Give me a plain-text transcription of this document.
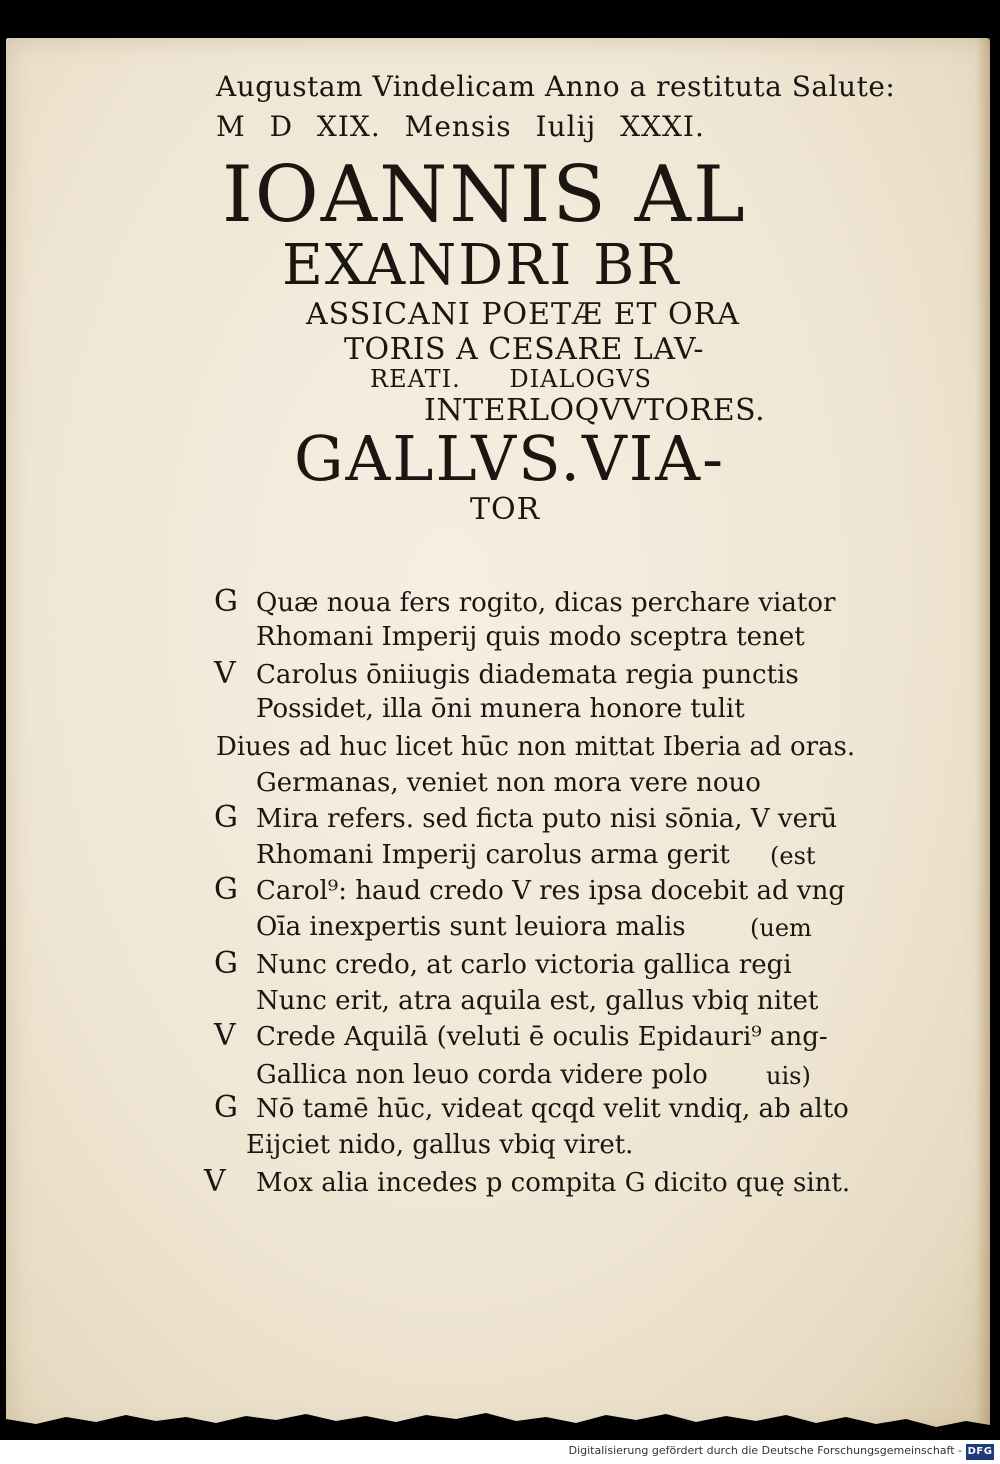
Augustam Vindelicam Anno a restituta Salute:
M D XIX. Mensis Iulij XXXI.
IOANNIS AL
EXANDRI BR
ASSICANI POETÆ ET ORA
TORIS A CESARE LAV-
REATI. DIALOGVS
INTERLOQVVTORES.
GALLVS.VIA-
TOR
G Quæ noua fers rogito, dicas perchare viator
Rhomani Imperij quis modo sceptra tenet
V Carolus ōniiugis diademata regia punctis
Possidet, illa ōni munera honore tulit
Diues ad huc licet hūc non mittat Iberia ad oras.
Germanas, veniet non mora vere nouo
G Mira refers. sed ficta puto nisi sōnia, V verū
Rhomani Imperij carolus arma gerit (est
G Carol⁹: haud credo V res ipsa docebit ad vng
Oīa inexpertis sunt leuiora malis	(uem
G Nunc credo, at carlo victoria gallica regi
Nunc erit, atra aquila est, gallus vbiq nitet
V Crede Aquilā (veluti ē oculis Epidauri⁹ ang-
Gallica non leuo corda videre polo uis)
G Nō tamē hūc, videat qcqd velit vndiq, ab alto
Eijciet nido, gallus vbiq viret.
V Mox alia incedes p compita G dicito quę sint.
Digitalisierung gefördert durch die Deutsche Forschungsgemeinschaft - DFG
